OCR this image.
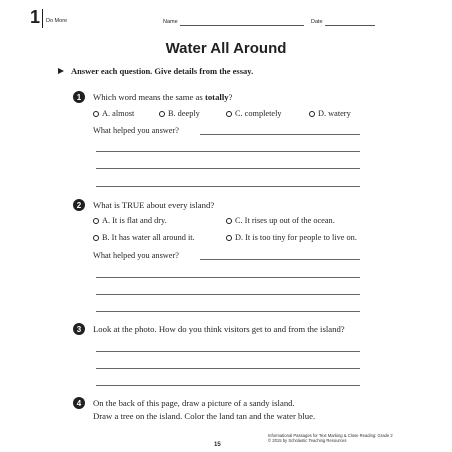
1 Do More	Name	Date
Water All Around
Answer each question. Give details from the essay.
1	Which word means the same as totally?
A. almost	B. deeply	C. completely	D. watery
What helped you answer?
2	What is TRUE about every island?
A. It is flat and dry.	C. It rises up out of the ocean.
B. It has water all around it.	D. It is too tiny for people to live on.
What helped you answer?
3	Look at the photo. How do you think visitors get to and from the island?
4	On the back of this page, draw a picture of a sandy island.
Draw a tree on the island. Color the land tan and the water blue.
15
Informational Passages for Text Marking & Close Reading: Grade 2
© 2015 by Scholastic Teaching Resources
